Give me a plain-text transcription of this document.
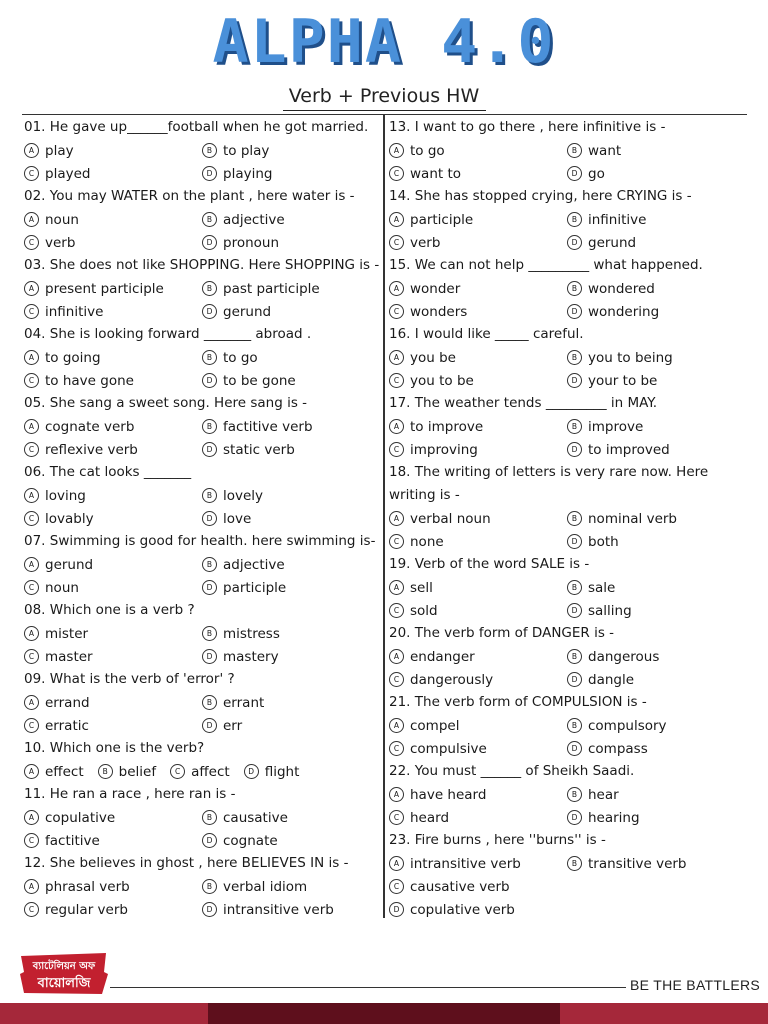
ALPHA 4.0
Verb + Previous HW
01. He gave up______football when he got married.
A play	B to play
C played	D playing
02. You may WATER on the plant , here water is -
A noun	B adjective
C verb	D pronoun
03. She does not like SHOPPING. Here SHOPPING is -
A present participle	B past participle
C infinitive	D gerund
04. She is looking forward _______ abroad .
A to going	B to go
C to have gone	D to be gone
05. She sang a sweet song. Here sang is -
A cognate verb	B factitive verb
C reflexive verb	D static verb
06. The cat looks _______
A loving	B lovely
C lovably	D love
07. Swimming is good for health. here swimming is-
A gerund	B adjective
C noun	D participle
08. Which one is a verb ?
A mister	B mistress
C master	D mastery
09. What is the verb of 'error' ?
A errand	B errant
C erratic	D err
10. Which one is the verb?
A effect	B belief	C affect	D flight
11. He ran a race , here ran is -
A copulative	B causative
C factitive	D cognate
12. She believes in ghost , here BELIEVES IN is -
A phrasal verb	B verbal idiom
C regular verb	D intransitive verb
13. I want to go there , here infinitive is -
A to go	B want
C want to	D go
14. She has stopped crying, here CRYING is -
A participle	B infinitive
C verb	D gerund
15. We can not help _________ what happened.
A wonder	B wondered
C wonders	D wondering
16. I would like _____ careful.
A you be	B you to being
C you to be	D your to be
17. The weather tends _________ in MAY.
A to improve	B improve
C improving	D to improved
18. The writing of letters is very rare now. Here writing is -
A verbal noun	B nominal verb
C none	D both
19. Verb of the word SALE is -
A sell	B sale
C sold	D salling
20. The verb form of DANGER is -
A endanger	B dangerous
C dangerously	D dangle
21. The verb form of COMPULSION is -
A compel	B compulsory
C compulsive	D compass
22. You must ______ of Sheikh Saadi.
A have heard	B hear
C heard	D hearing
23. Fire burns , here ''burns'' is -
A intransitive verb	B transitive verb
C causative verb
D copulative verb
ব্যাটেলিয়ন অফ
বায়োলজি	BE THE BATTLERS
